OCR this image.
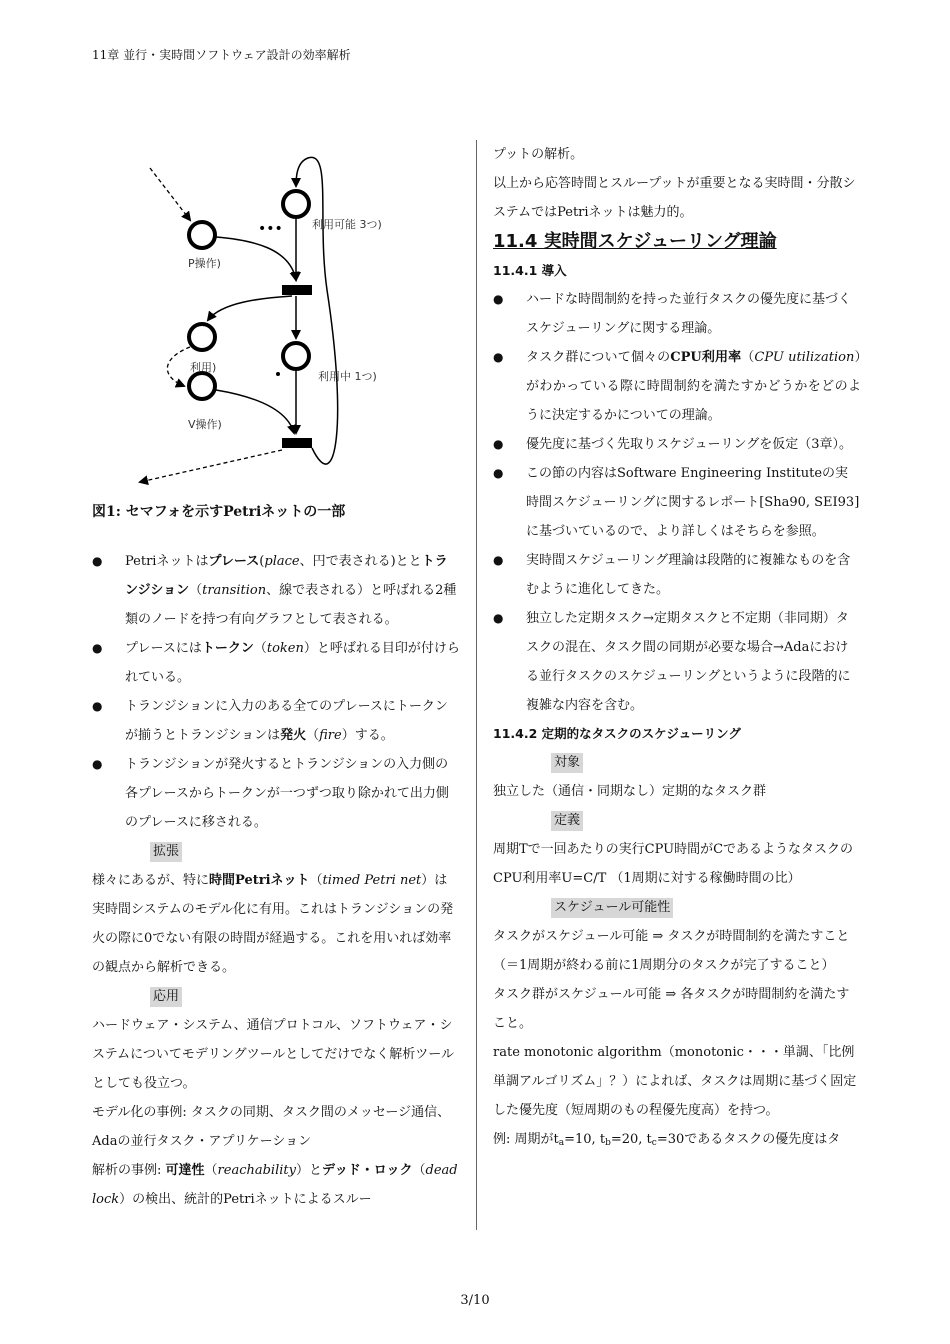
11章 並行・実時間ソフトウェア設計の効率解析
•••
P操作)
利用可能 3つ)
利用)
利用中 1つ)
V操作)

図1: セマフォを示すPetriネットの一部

● Petriネットはプレース(place、円で表される)ととトランジション（transition、線で表される）と呼ばれる2種類のノードを持つ有向グラフとして表される。
● プレースにはトークン（token）と呼ばれる目印が付けられている。
● トランジションに入力のある全てのプレースにトークンが揃うとトランジションは発火（fire）する。
● トランジションが発火するとトランジションの入力側の各プレースからトークンが一つずつ取り除かれて出力側のプレースに移される。
拡張

様々にあるが、特に時間Petriネット（timed Petri net）は実時間システムのモデル化に有用。これはトランジションの発火の際に0でない有限の時間が経過する。これを用いれば効率の観点から解析できる。

応用

ハードウェア・システム、通信プロトコル、ソフトウェア・システムについてモデリングツールとしてだけでなく解析ツールとしても役立つ。

モデル化の事例: タスクの同期、タスク間のメッセージ通信、Adaの並行タスク・アプリケーション

解析の事例: 可達性（reachability）とデッド・ロック（dead lock）の検出、統計的Petriネットによるスルー

プットの解析。

以上から応答時間とスループットが重要となる実時間・分散システムではPetriネットは魅力的。

11.4 実時間スケジューリング理論
11.4.1 導入
● ハードな時間制約を持った並行タスクの優先度に基づくスケジューリングに関する理論。
● タスク群について個々のCPU利用率（CPU utilization）がわかっている際に時間制約を満たすかどうかをどのように決定するかについての理論。
● 優先度に基づく先取りスケジューリングを仮定（3章）。
● この節の内容はSoftware Engineering Instituteの実時間スケジューリングに関するレポート[Sha90, SEI93]に基づいているので、より詳しくはそちらを参照。
● 実時間スケジューリング理論は段階的に複雑なものを含むように進化してきた。
● 独立した定期タスク→定期タスクと不定期（非同期）タスクの混在、タスク間の同期が必要な場合→Adaにおける並行タスクのスケジューリングというように段階的に複雑な内容を含む。
11.4.2 定期的なタスクのスケジューリング
対象

独立した（通信・同期なし）定期的なタスク群

定義

周期Tで一回あたりの実行CPU時間がCであるようなタスクのCPU利用率U=C/T （1周期に対する稼働時間の比）

スケジュール可能性

タスクがスケジュール可能 ⇒ タスクが時間制約を満たすこと （＝1周期が終わる前に1周期分のタスクが完了すること）

タスク群がスケジュール可能 ⇒ 各タスクが時間制約を満たすこと。

rate monotonic algorithm（monotonic・・・単調、「比例単調アルゴリズム」？）によれば、タスクは周期に基づく固定した優先度（短周期のもの程優先度高）を持つ。

例: 周期が$t_a=10$, $t_b=20$, $t_c=30$であるタスクの優先度はタ

3/10
